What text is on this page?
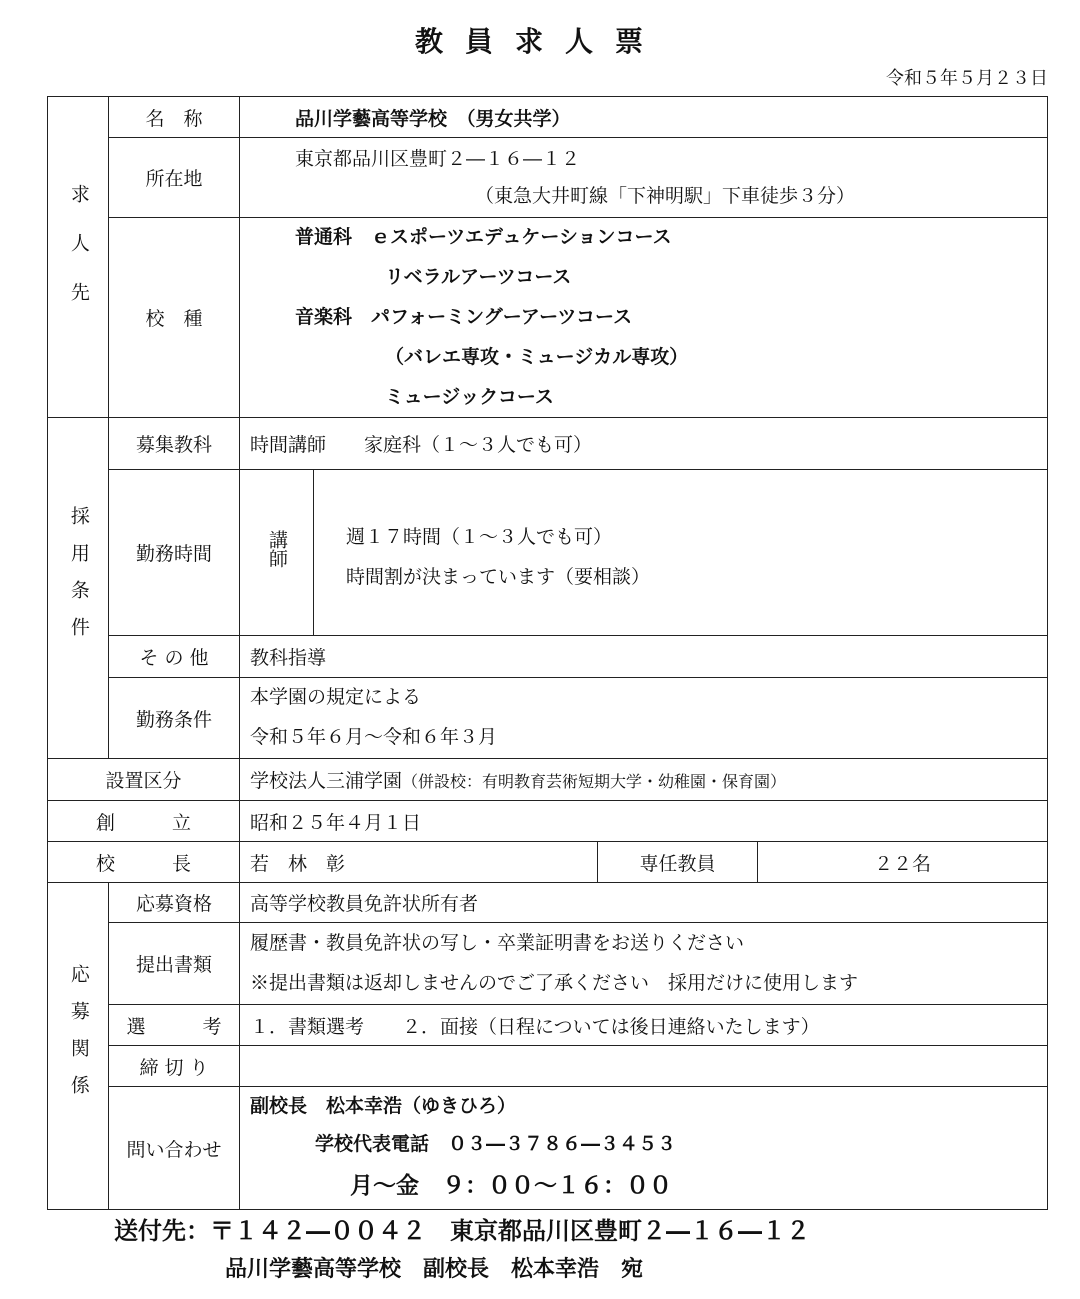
教員求人票
令和５年５月２３日
求人先	名　称	品川学藝高等学校　（男女共学）			
	所在地	東京都品川区豊町２―１６―１２
（東急大井町線「下神明駅」下車徒歩３分）			

	校　種	普通科　 ｅスポーツエデュケーションコース
リベラルアーツコース
音楽科　 パフォーミングーアーツコース
（バレエ専攻・ミュージカル専攻）
ミュージックコース			

採用条件	募集教科	時間講師　　家庭科（１～３人でも可）			
	勤務時間	講師	週１７時間（１～３人でも可）
時間割が決まっています（要相談）		

	そ の 他	教科指導			
	勤務条件	本学園の規定による
令和５年６月～令和６年３月			

設置区分		学校法人三浦学園（併設校：有明教育芸術短期大学・幼稚園・保育園）			
創　　　立		昭和２５年４月１日			
校　　　長		若　林　彰		専任教員	２２名
応募関係	応募資格	高等学校教員免許状所有者			
	提出書類	履歴書・教員免許状の写し・卒業証明書をお送りください
※提出書類は返却しませんのでご了承ください　採用だけに使用します			

	選　　　考	１．書類選考　　２．面接（日程については後日連絡いたします）			
	締 切 り				
	問い合わせ	副校長　松本幸浩（ゆきひろ）
学校代表電話　０３―３７８６―３４５３
月～金　９：００～１６：００			
送付先：〒１４２―００４２　東京都品川区豊町２―１６―１２
品川学藝高等学校　副校長　松本幸浩　宛
